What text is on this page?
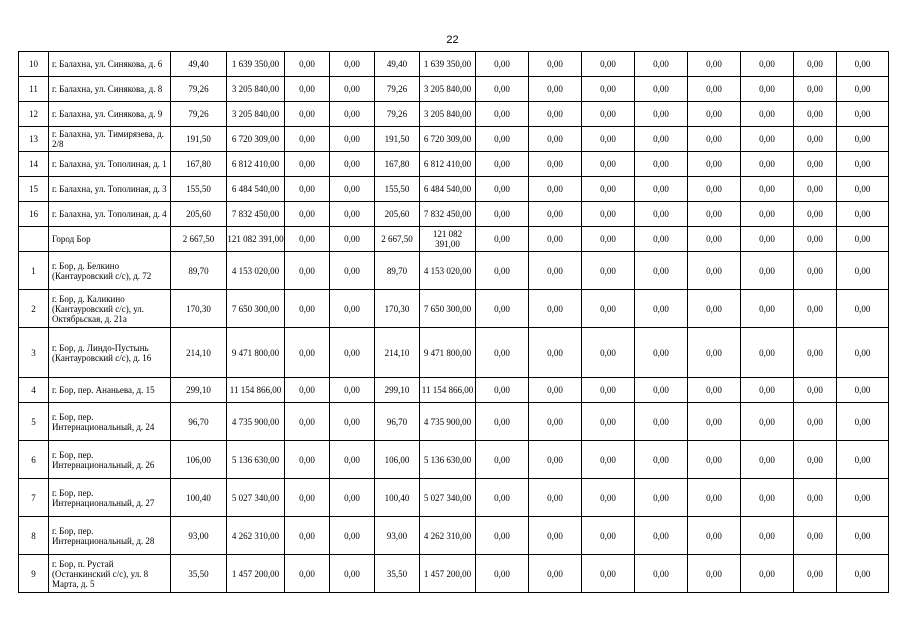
22
10	г. Балахна, ул. Синякова, д. 6	49,40	1 639 350,00	0,00	0,00	49,40	1 639 350,00	0,00	0,00	0,00	0,00	0,00	0,00	0,00	0,00
11	г. Балахна, ул. Синякова, д. 8	79,26	3 205 840,00	0,00	0,00	79,26	3 205 840,00	0,00	0,00	0,00	0,00	0,00	0,00	0,00	0,00
12	г. Балахна, ул. Синякова, д. 9	79,26	3 205 840,00	0,00	0,00	79,26	3 205 840,00	0,00	0,00	0,00	0,00	0,00	0,00	0,00	0,00
13	г. Балахна, ул. Тимирязева, д. 2/8	191,50	6 720 309,00	0,00	0,00	191,50	6 720 309,00	0,00	0,00	0,00	0,00	0,00	0,00	0,00	0,00
14	г. Балахна, ул. Тополиная, д. 1	167,80	6 812 410,00	0,00	0,00	167,80	6 812 410,00	0,00	0,00	0,00	0,00	0,00	0,00	0,00	0,00
15	г. Балахна, ул. Тополиная, д. 3	155,50	6 484 540,00	0,00	0,00	155,50	6 484 540,00	0,00	0,00	0,00	0,00	0,00	0,00	0,00	0,00
16	г. Балахна, ул. Тополиная, д. 4	205,60	7 832 450,00	0,00	0,00	205,60	7 832 450,00	0,00	0,00	0,00	0,00	0,00	0,00	0,00	0,00
	Город Бор	2 667,50	121 082 391,00	0,00	0,00	2 667,50	121 082 391,00	0,00	0,00	0,00	0,00	0,00	0,00	0,00	0,00
1	г. Бор, д. Белкино (Кантауровский с/с), д. 72	89,70	4 153 020,00	0,00	0,00	89,70	4 153 020,00	0,00	0,00	0,00	0,00	0,00	0,00	0,00	0,00
2	г. Бор, д. Каликино (Кантауровский с/с), ул. Октябрьская, д. 21а	170,30	7 650 300,00	0,00	0,00	170,30	7 650 300,00	0,00	0,00	0,00	0,00	0,00	0,00	0,00	0,00
3	г. Бор, д. Линдо-Пустынь (Кантауровский с/с), д. 16	214,10	9 471 800,00	0,00	0,00	214,10	9 471 800,00	0,00	0,00	0,00	0,00	0,00	0,00	0,00	0,00
4	г. Бор, пер. Ананьева, д. 15	299,10	11 154 866,00	0,00	0,00	299,10	11 154 866,00	0,00	0,00	0,00	0,00	0,00	0,00	0,00	0,00
5	г. Бор, пер. Интернациональный, д. 24	96,70	4 735 900,00	0,00	0,00	96,70	4 735 900,00	0,00	0,00	0,00	0,00	0,00	0,00	0,00	0,00
6	г. Бор, пер. Интернациональный, д. 26	106,00	5 136 630,00	0,00	0,00	106,00	5 136 630,00	0,00	0,00	0,00	0,00	0,00	0,00	0,00	0,00
7	г. Бор, пер. Интернациональный, д. 27	100,40	5 027 340,00	0,00	0,00	100,40	5 027 340,00	0,00	0,00	0,00	0,00	0,00	0,00	0,00	0,00
8	г. Бор, пер. Интернациональный, д. 28	93,00	4 262 310,00	0,00	0,00	93,00	4 262 310,00	0,00	0,00	0,00	0,00	0,00	0,00	0,00	0,00
9	г. Бор, п. Рустай (Останкинский с/с), ул. 8 Марта, д. 5	35,50	1 457 200,00	0,00	0,00	35,50	1 457 200,00	0,00	0,00	0,00	0,00	0,00	0,00	0,00	0,00
